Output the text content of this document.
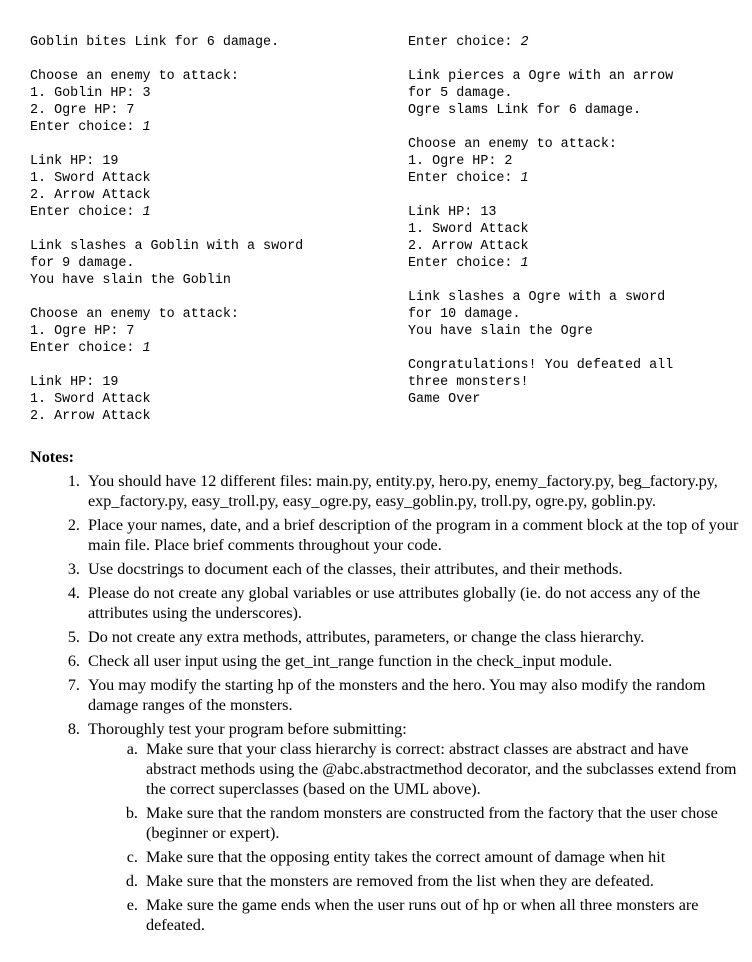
Goblin bites Link for 6 damage.
Choose an enemy to attack:
1. Goblin HP: 3
2. Ogre HP: 7
Enter choice: 1
Link HP: 19
1. Sword Attack
2. Arrow Attack
Enter choice: 1
Link slashes a Goblin with a sword
for 9 damage.
You have slain the Goblin
Choose an enemy to attack:
1. Ogre HP: 7
Enter choice: 1
Link HP: 19
1. Sword Attack
2. Arrow Attack
Enter choice: 2
Link pierces a Ogre with an arrow
for 5 damage.
Ogre slams Link for 6 damage.
Choose an enemy to attack:
1. Ogre HP: 2
Enter choice: 1
Link HP: 13
1. Sword Attack
2. Arrow Attack
Enter choice: 1
Link slashes a Ogre with a sword
for 10 damage.
You have slain the Ogre
Congratulations! You defeated all
three monsters!
Game Over
Notes:
1. You should have 12 different files: main.py, entity.py, hero.py, enemy_factory.py, beg_factory.py, exp_factory.py, easy_troll.py, easy_ogre.py, easy_goblin.py, troll.py, ogre.py, goblin.py.
2. Place your names, date, and a brief description of the program in a comment block at the top of your main file. Place brief comments throughout your code.
3. Use docstrings to document each of the classes, their attributes, and their methods.
4. Please do not create any global variables or use attributes globally (ie. do not access any of the attributes using the underscores).
5. Do not create any extra methods, attributes, parameters, or change the class hierarchy.
6. Check all user input using the get_int_range function in the check_input module.
7. You may modify the starting hp of the monsters and the hero. You may also modify the random damage ranges of the monsters.
8. Thoroughly test your program before submitting:
a. Make sure that your class hierarchy is correct: abstract classes are abstract and have abstract methods using the @abc.abstractmethod decorator, and the subclasses extend from the correct superclasses (based on the UML above).
b. Make sure that the random monsters are constructed from the factory that the user chose (beginner or expert).
c. Make sure that the opposing entity takes the correct amount of damage when hit
d. Make sure that the monsters are removed from the list when they are defeated.
e. Make sure the game ends when the user runs out of hp or when all three monsters are defeated.
